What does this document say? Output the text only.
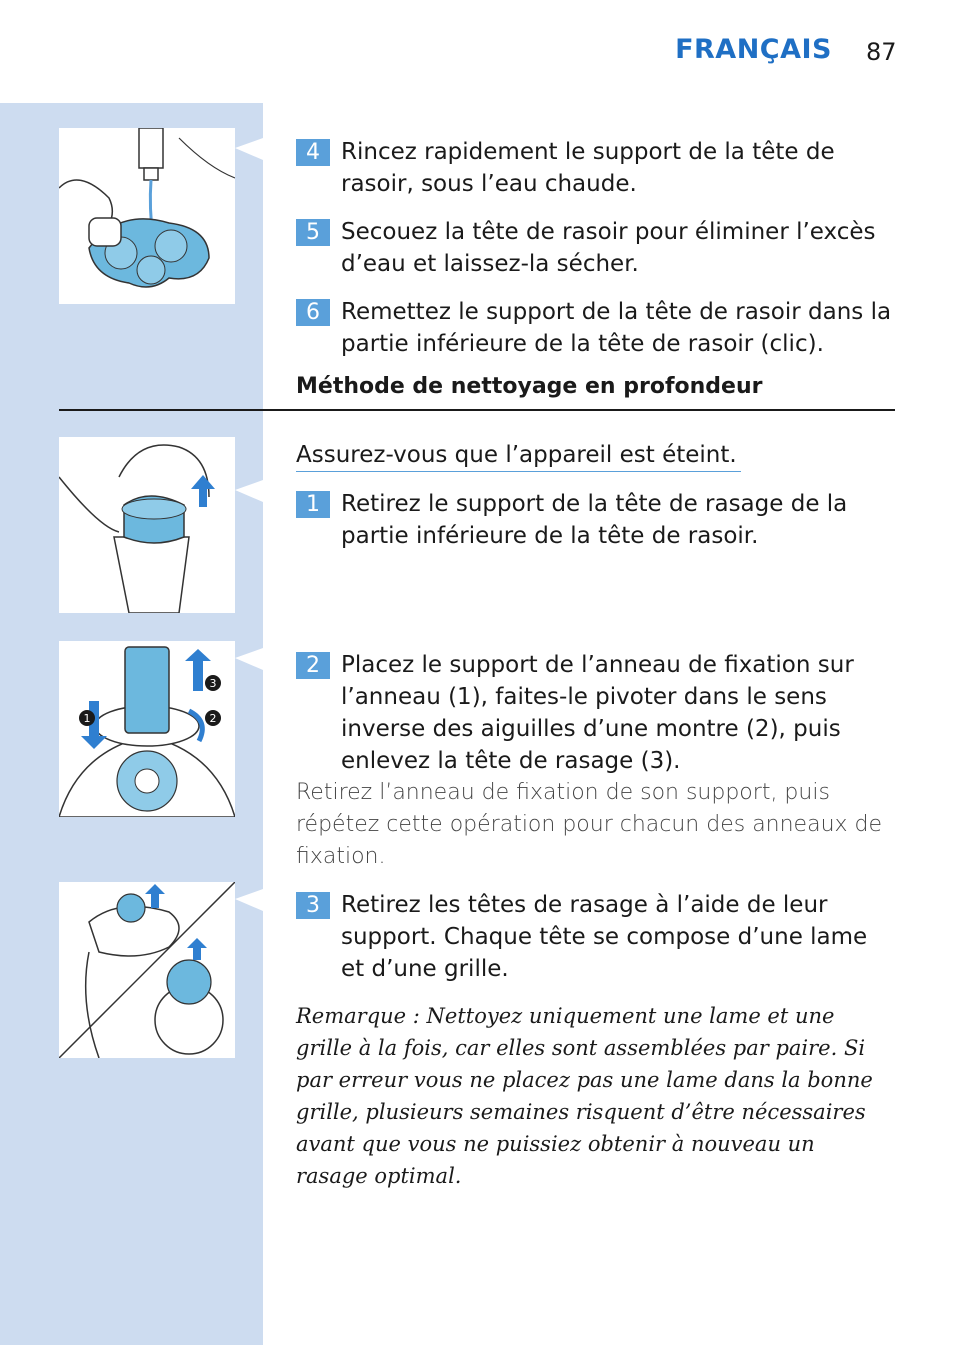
FRANÇAIS 87
4 Rincez rapidement le support de la tête de rasoir, sous l’eau chaude.
5 Secouez la tête de rasoir pour éliminer l’excès d’eau et laissez-la sécher.
6 Remettez le support de la tête de rasoir dans la partie inférieure de la tête de rasoir (clic).
Méthode de nettoyage en profondeur
Assurez-vous que l’appareil est éteint.
1 Retirez le support de la tête de rasage de la partie inférieure de la tête de rasoir.
1	2
3
2 Placez le support de l’anneau de fixation sur l’anneau (1), faites-le pivoter dans le sens inverse des aiguilles d’une montre (2), puis enlevez la tête de rasage (3).
Retirez l’anneau de fixation de son support, puis répétez cette opération pour chacun des anneaux de fixation.
3 Retirez les têtes de rasage à l’aide de leur support. Chaque tête se compose d’une lame et d’une grille.
Remarque : Nettoyez uniquement une lame et une grille à la fois, car elles sont assemblées par paire. Si par erreur vous ne placez pas une lame dans la bonne grille, plusieurs semaines risquent d’être nécessaires avant que vous ne puissiez obtenir à nouveau un rasage optimal.
